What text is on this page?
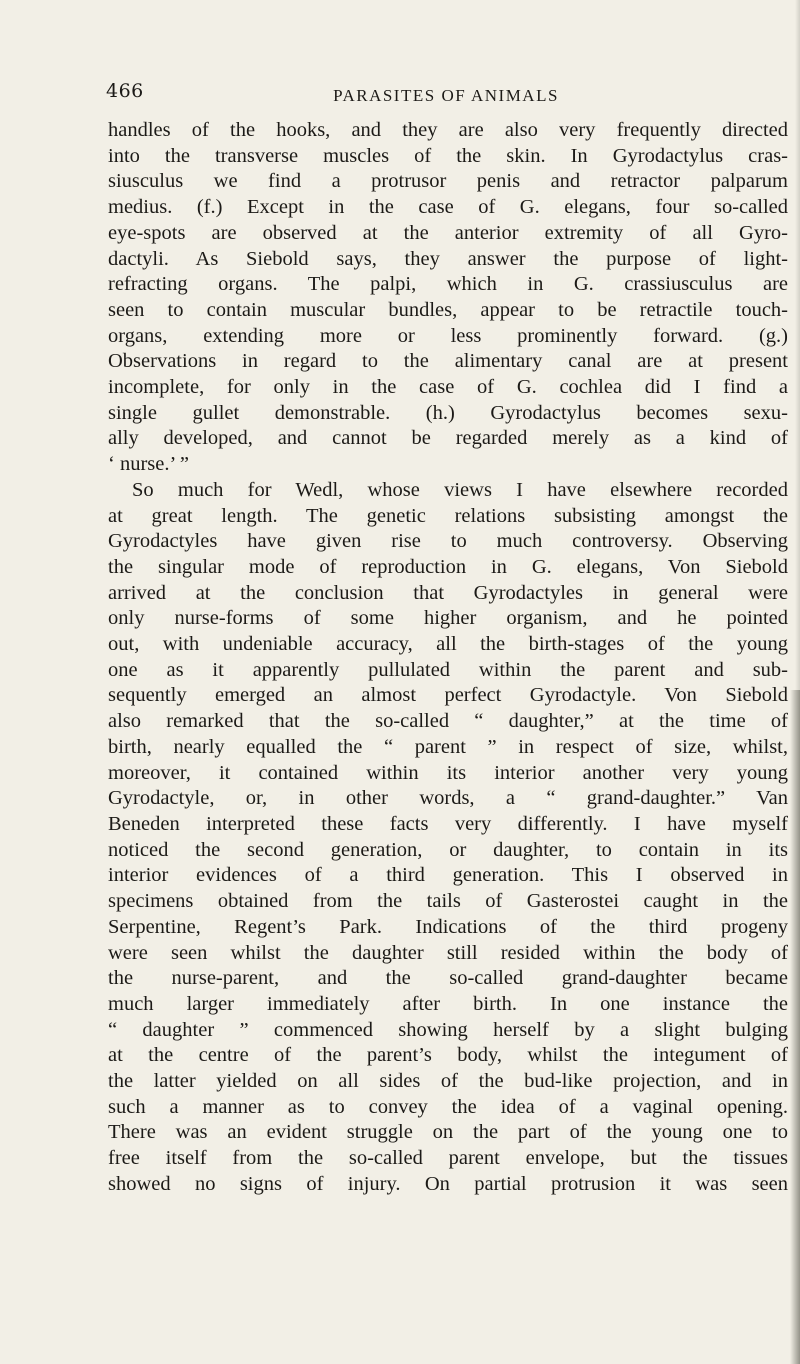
466	PARASITES OF ANIMALS
handles of the hooks, and they are also very frequently directed
into the transverse muscles of the skin. In Gyrodactylus cras-
siusculus we find a protrusor penis and retractor palparum
medius. (f.) Except in the case of G. elegans, four so-called
eye-spots are observed at the anterior extremity of all Gyro-
dactyli. As Siebold says, they answer the purpose of light-
refracting organs. The palpi, which in G. crassiusculus are
seen to contain muscular bundles, appear to be retractile touch-
organs, extending more or less prominently forward. (g.)
Observations in regard to the alimentary canal are at present
incomplete, for only in the case of G. cochlea did I find a
single gullet demonstrable. (h.) Gyrodactylus becomes sexu-
ally developed, and cannot be regarded merely as a kind of
‘ nurse.’ ”
So much for Wedl, whose views I have elsewhere recorded
at great length. The genetic relations subsisting amongst the
Gyrodactyles have given rise to much controversy. Observing
the singular mode of reproduction in G. elegans, Von Siebold
arrived at the conclusion that Gyrodactyles in general were
only nurse-forms of some higher organism, and he pointed
out, with undeniable accuracy, all the birth-stages of the young
one as it apparently pullulated within the parent and sub-
sequently emerged an almost perfect Gyrodactyle. Von Siebold
also remarked that the so-called “ daughter,” at the time of
birth, nearly equalled the “ parent ” in respect of size, whilst,
moreover, it contained within its interior another very young
Gyrodactyle, or, in other words, a “ grand-daughter.” Van
Beneden interpreted these facts very differently. I have myself
noticed the second generation, or daughter, to contain in its
interior evidences of a third generation. This I observed in
specimens obtained from the tails of Gasterostei caught in the
Serpentine, Regent’s Park. Indications of the third progeny
were seen whilst the daughter still resided within the body of
the nurse-parent, and the so-called grand-daughter became
much larger immediately after birth. In one instance the
“ daughter ” commenced showing herself by a slight bulging
at the centre of the parent’s body, whilst the integument of
the latter yielded on all sides of the bud-like projection, and in
such a manner as to convey the idea of a vaginal opening.
There was an evident struggle on the part of the young one to
free itself from the so-called parent envelope, but the tissues
showed no signs of injury. On partial protrusion it was seen
